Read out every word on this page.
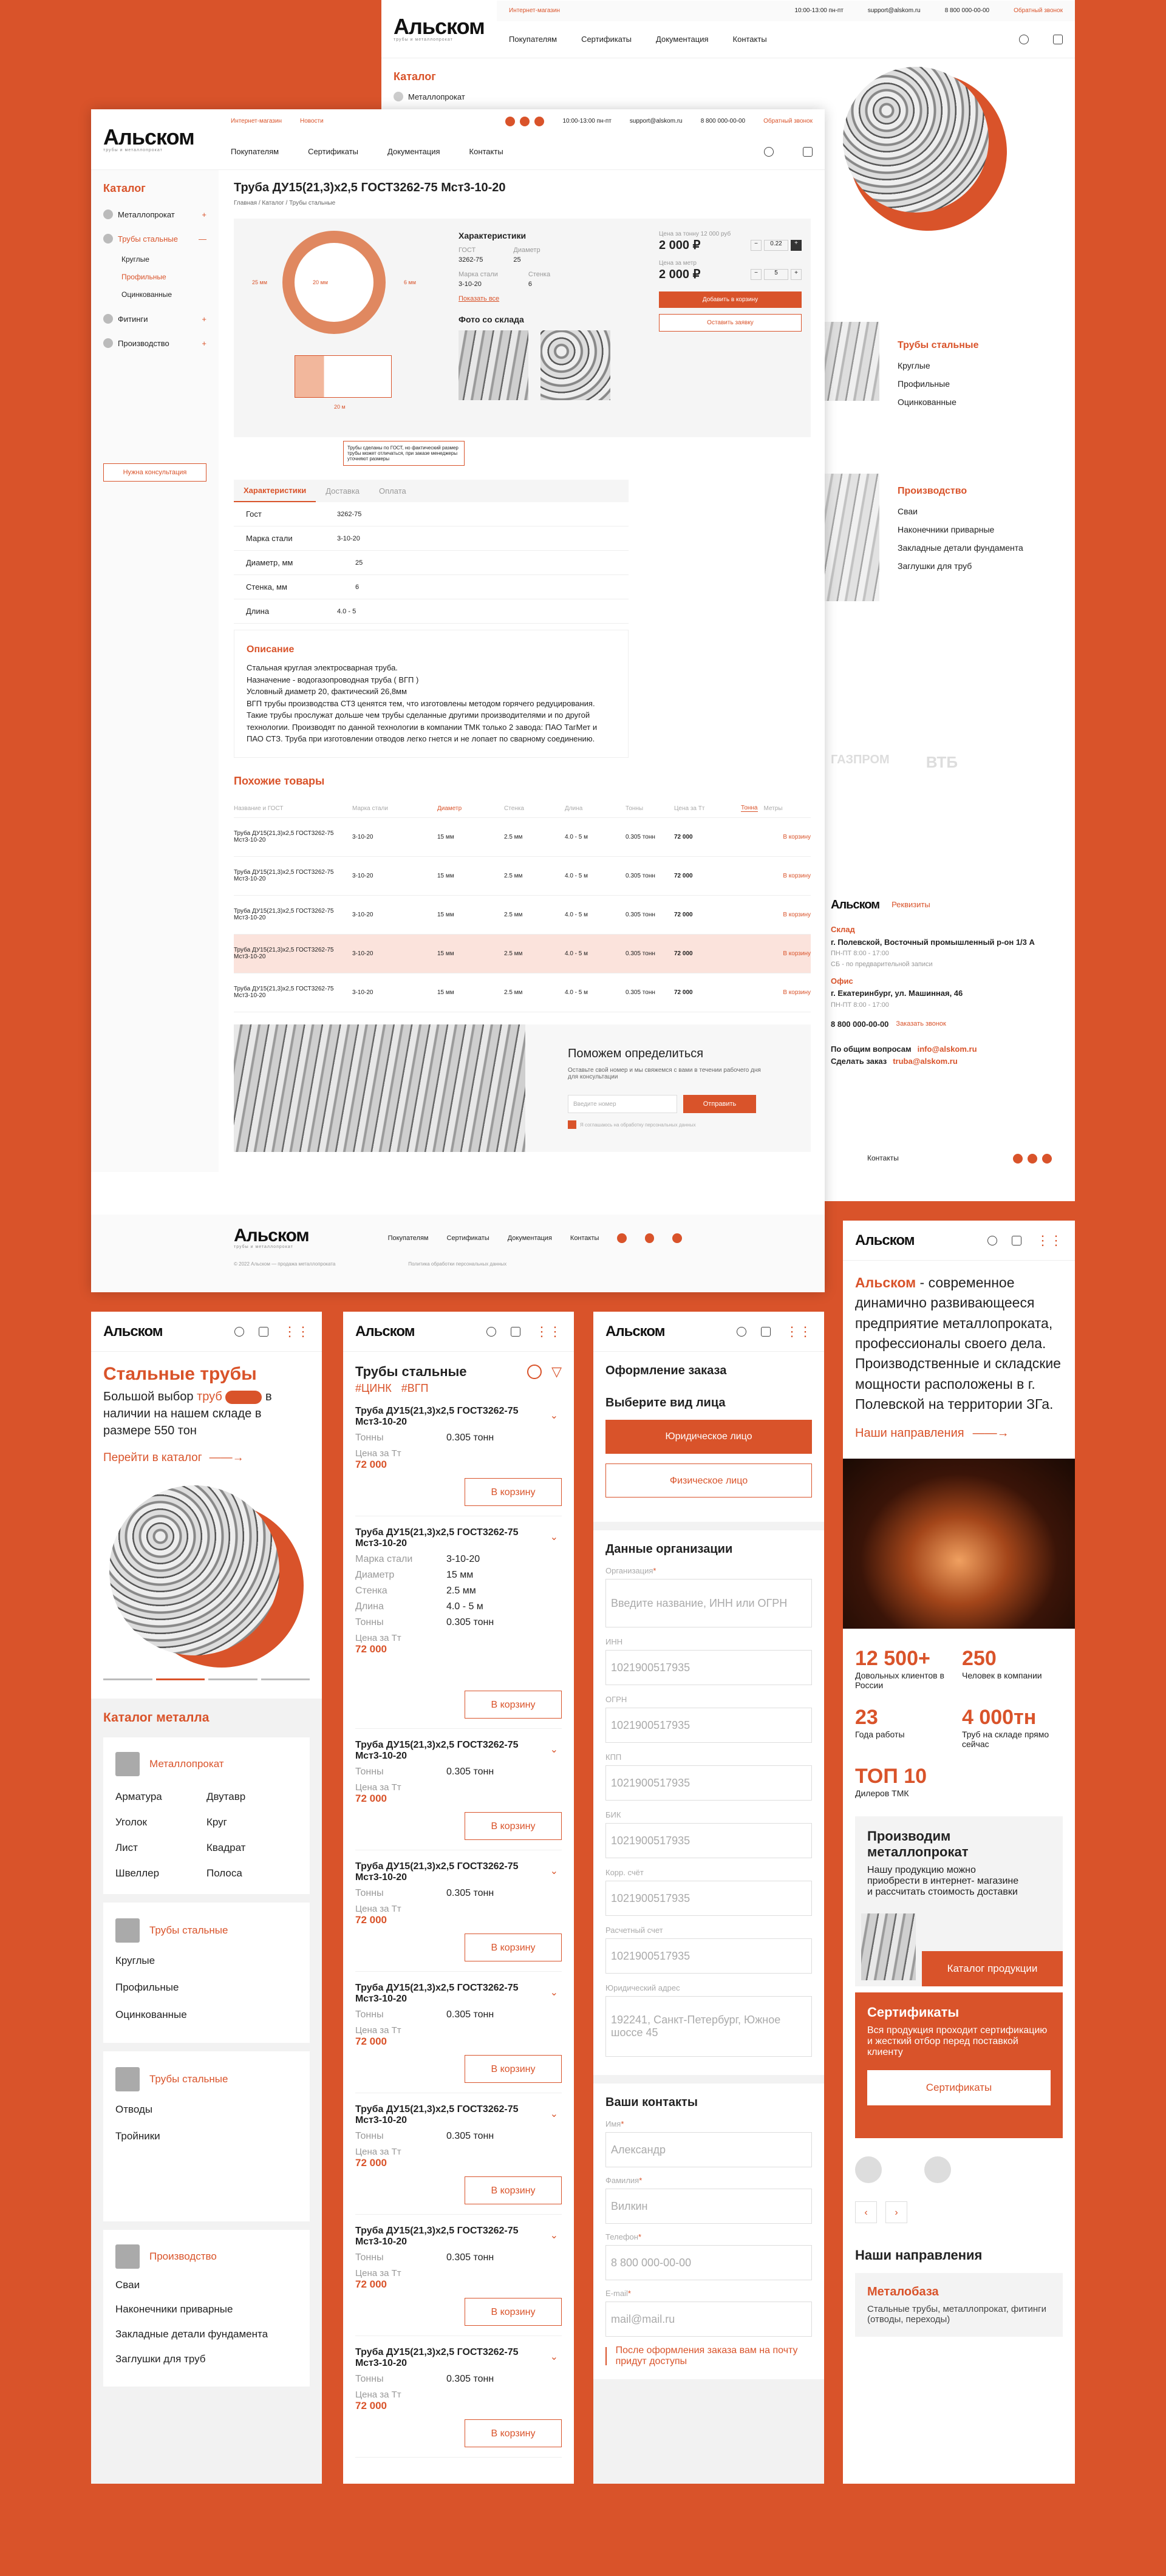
Альском
трубы и металлопрокат
Интернет-магазин	10:00-13:00 пн-пт	support@alskom.ru	8 800 000-00-00	Обратный звонок
Покупателям	Сертификаты	Документация	Контакты
Каталог
Металлопрокат
Трубы стальные
Круглые
Профильные
Оцинкованные
Производство
Сваи
Наконечники приварные
Закладные детали фундамента
Заглушки для труб
ГАЗПРОМ ВТБ
Альском Реквизиты
Склад
г. Полевской, Восточный промышленный р-он 1/3 А
ПН-ПТ 8:00 - 17:00
СБ - по предварительной записи
Офис
г. Екатеринбург, ул. Машинная, 46
ПН-ПТ 8:00 - 17:00
8 800 000-00-00 Заказать звонок
По общим вопросам info@alskom.ru
Сделать заказ truba@alskom.ru
Контакты
Альском
трубы и металлопрокат
Интернет-магазин	Новости	10:00-13:00 пн-пт	support@alskom.ru	8 800 000-00-00	Обратный звонок
Покупателям	Сертификаты	Документация	Контакты
Каталог
Металлопрокат	+
Трубы стальные	—
Круглые
Профильные
Оцинкованные
Фитинги	+
Производство	+
Нужна консультация
Труба ДУ15(21,3)x2,5 ГОСТ3262-75 Мст3-10-20
Главная / Каталог / Трубы стальные
20 мм	6 мм
25 мм
20 м
Характеристики
ГОСТ
3262-75
Диаметр
25
Марка стали
3-10-20
Стенка
6
Показать все
Фото со склада
Цена за тонну 12 000 руб
2 000 ₽	−	0.22	+
Цена за метр
2 000 ₽	−	5	+
Добавить в корзину
Оставить заявку
Трубы сделаны по ГОСТ, но фактический размер трубы может отличаться, при заказе менеджеры уточняют размеры
Характеристики	Доставка	Оплата
Гост	3262-75
Марка стали	3-10-20
Диаметр, мм	25
Стенка, мм	6
Длина	4.0 - 5
Описание
Стальная круглая электросварная труба.
Назначение - водогазопроводная труба ( ВГП )
Условный диаметр 20, фактический 26,8мм
ВГП трубы производства СТ3 ценятся тем, что изготовлены методом горячего редуцирования. Такие трубы прослужат дольше чем трубы сделанные другими производителями и по другой технологии. Производят по данной технологии в компании ТМК только 2 завода: ПАО ТагМет и ПАО СТЗ. Труба при изготовлении отводов легко гнется и не лопает по сварному соединению.
Похожие товары
Название и ГОСТ	Марка стали	Диаметр	Стенка	Длина	Тонны	Цена за Тт	Тонна Метры
Труба ДУ15(21,3)x2,5 ГОСТ3262-75 Мст3-10-20	3-10-20	15 мм	2.5 мм	4.0 - 5 м	0.305 тонн	72 000	В корзину
Труба ДУ15(21,3)x2,5 ГОСТ3262-75 Мст3-10-20	3-10-20	15 мм	2.5 мм	4.0 - 5 м	0.305 тонн	72 000	В корзину
Труба ДУ15(21,3)x2,5 ГОСТ3262-75 Мст3-10-20	3-10-20	15 мм	2.5 мм	4.0 - 5 м	0.305 тонн	72 000	В корзину
Труба ДУ15(21,3)x2,5 ГОСТ3262-75 Мст3-10-20	3-10-20	15 мм	2.5 мм	4.0 - 5 м	0.305 тонн	72 000	В корзину
Труба ДУ15(21,3)x2,5 ГОСТ3262-75 Мст3-10-20	3-10-20	15 мм	2.5 мм	4.0 - 5 м	0.305 тонн	72 000	В корзину
Поможем определиться
Оставьте свой номер и мы свяжемся с вами в течении рабочего дня для консультации
Введите номер	Отправить
Я соглашаюсь на обработку персональных данных
Альском
трубы и металлопрокат
Покупателям	Сертификаты	Документация	Контакты
© 2022 Альском — продажа металлопроката	Политика обработки персональных данных
Альском	⋮⋮
Стальные трубы
Большой выбор труб	в наличии на нашем складе в размере 550 тон
Перейти в каталог ——→
Каталог металла
Металлопрокат
Арматура	Двутавр
Уголок	Круг
Лист	Квадрат
Швеллер	Полоса
Трубы стальные
Круглые
Профильные
Оцинкованные
Трубы стальные
Отводы
Тройники
Производство
Сваи
Наконечники приварные
Закладные детали фундамента
Заглушки для труб
Альском	⋮⋮
Трубы стальные	▽
#ЦИНК #ВГП
Труба ДУ15(21,3)x2,5 ГОСТ3262-75 Мст3-10-20
⌄
Тонны	0.305 тонн
Цена за Тт
72 000
В корзину
Труба ДУ15(21,3)x2,5 ГОСТ3262-75 Мст3-10-20
⌄
Марка стали	3-10-20
Диаметр	15 мм
Стенка	2.5 мм
Длина	4.0 - 5 м
Тонны	0.305 тонн
Цена за Тт
72 000
В корзину
Труба ДУ15(21,3)x2,5 ГОСТ3262-75 Мст3-10-20
⌄
Тонны	0.305 тонн
Цена за Тт
72 000
В корзину
Труба ДУ15(21,3)x2,5 ГОСТ3262-75 Мст3-10-20
⌄
Тонны	0.305 тонн
Цена за Тт
72 000
В корзину
Труба ДУ15(21,3)x2,5 ГОСТ3262-75 Мст3-10-20
⌄
Тонны	0.305 тонн
Цена за Тт
72 000
В корзину
Труба ДУ15(21,3)x2,5 ГОСТ3262-75 Мст3-10-20
⌄
Тонны	0.305 тонн
Цена за Тт
72 000
В корзину
Труба ДУ15(21,3)x2,5 ГОСТ3262-75 Мст3-10-20
⌄
Тонны	0.305 тонн
Цена за Тт
72 000
В корзину
Труба ДУ15(21,3)x2,5 ГОСТ3262-75 Мст3-10-20
⌄
Тонны	0.305 тонн
Цена за Тт
72 000
В корзину
Альском	⋮⋮
Оформление заказа
Выберите вид лица
Юридическое лицо
Физическое лицо
Данные организации
Организация*
Введите название, ИНН или ОГРН
ИНН
1021900517935
ОГРН
1021900517935
КПП
1021900517935
БИК
1021900517935
Корр. счёт
1021900517935
Расчетный счет
1021900517935
Юридический адрес
192241, Санкт-Петербург, Южное шоссе 45
Ваши контакты
Имя*
Александр
Фамилия*
Вилкин
Телефон*
8 800 000-00-00
E-mail*
mail@mail.ru
После оформления заказа вам на почту придут доступы
Альском	⋮⋮
Альском - современное динамично развивающееся предприятие металлопроката, профессионалы своего дела. Производственные и складские мощности расположены в г. Полевской на территории ЗГа.
Наши направления ——→
12 500+
Довольных клиентов в России
250
Человек в компании
23
Года работы
4 000тн
Труб на складе прямо сейчас
ТОП 10
Дилеров ТМК
Производим металлопрокат
Нашу продукцию можно приобрести в интернет- магазине и рассчитать стоимость доставки
Каталог продукции
Сертификаты
Вся продукция проходит сертификацию и жесткий отбор перед поставкой клиенту
Сертификаты
‹	›
Наши направления
Металобаза
Стальные трубы, металлопрокат, фитинги (отводы, переходы)
